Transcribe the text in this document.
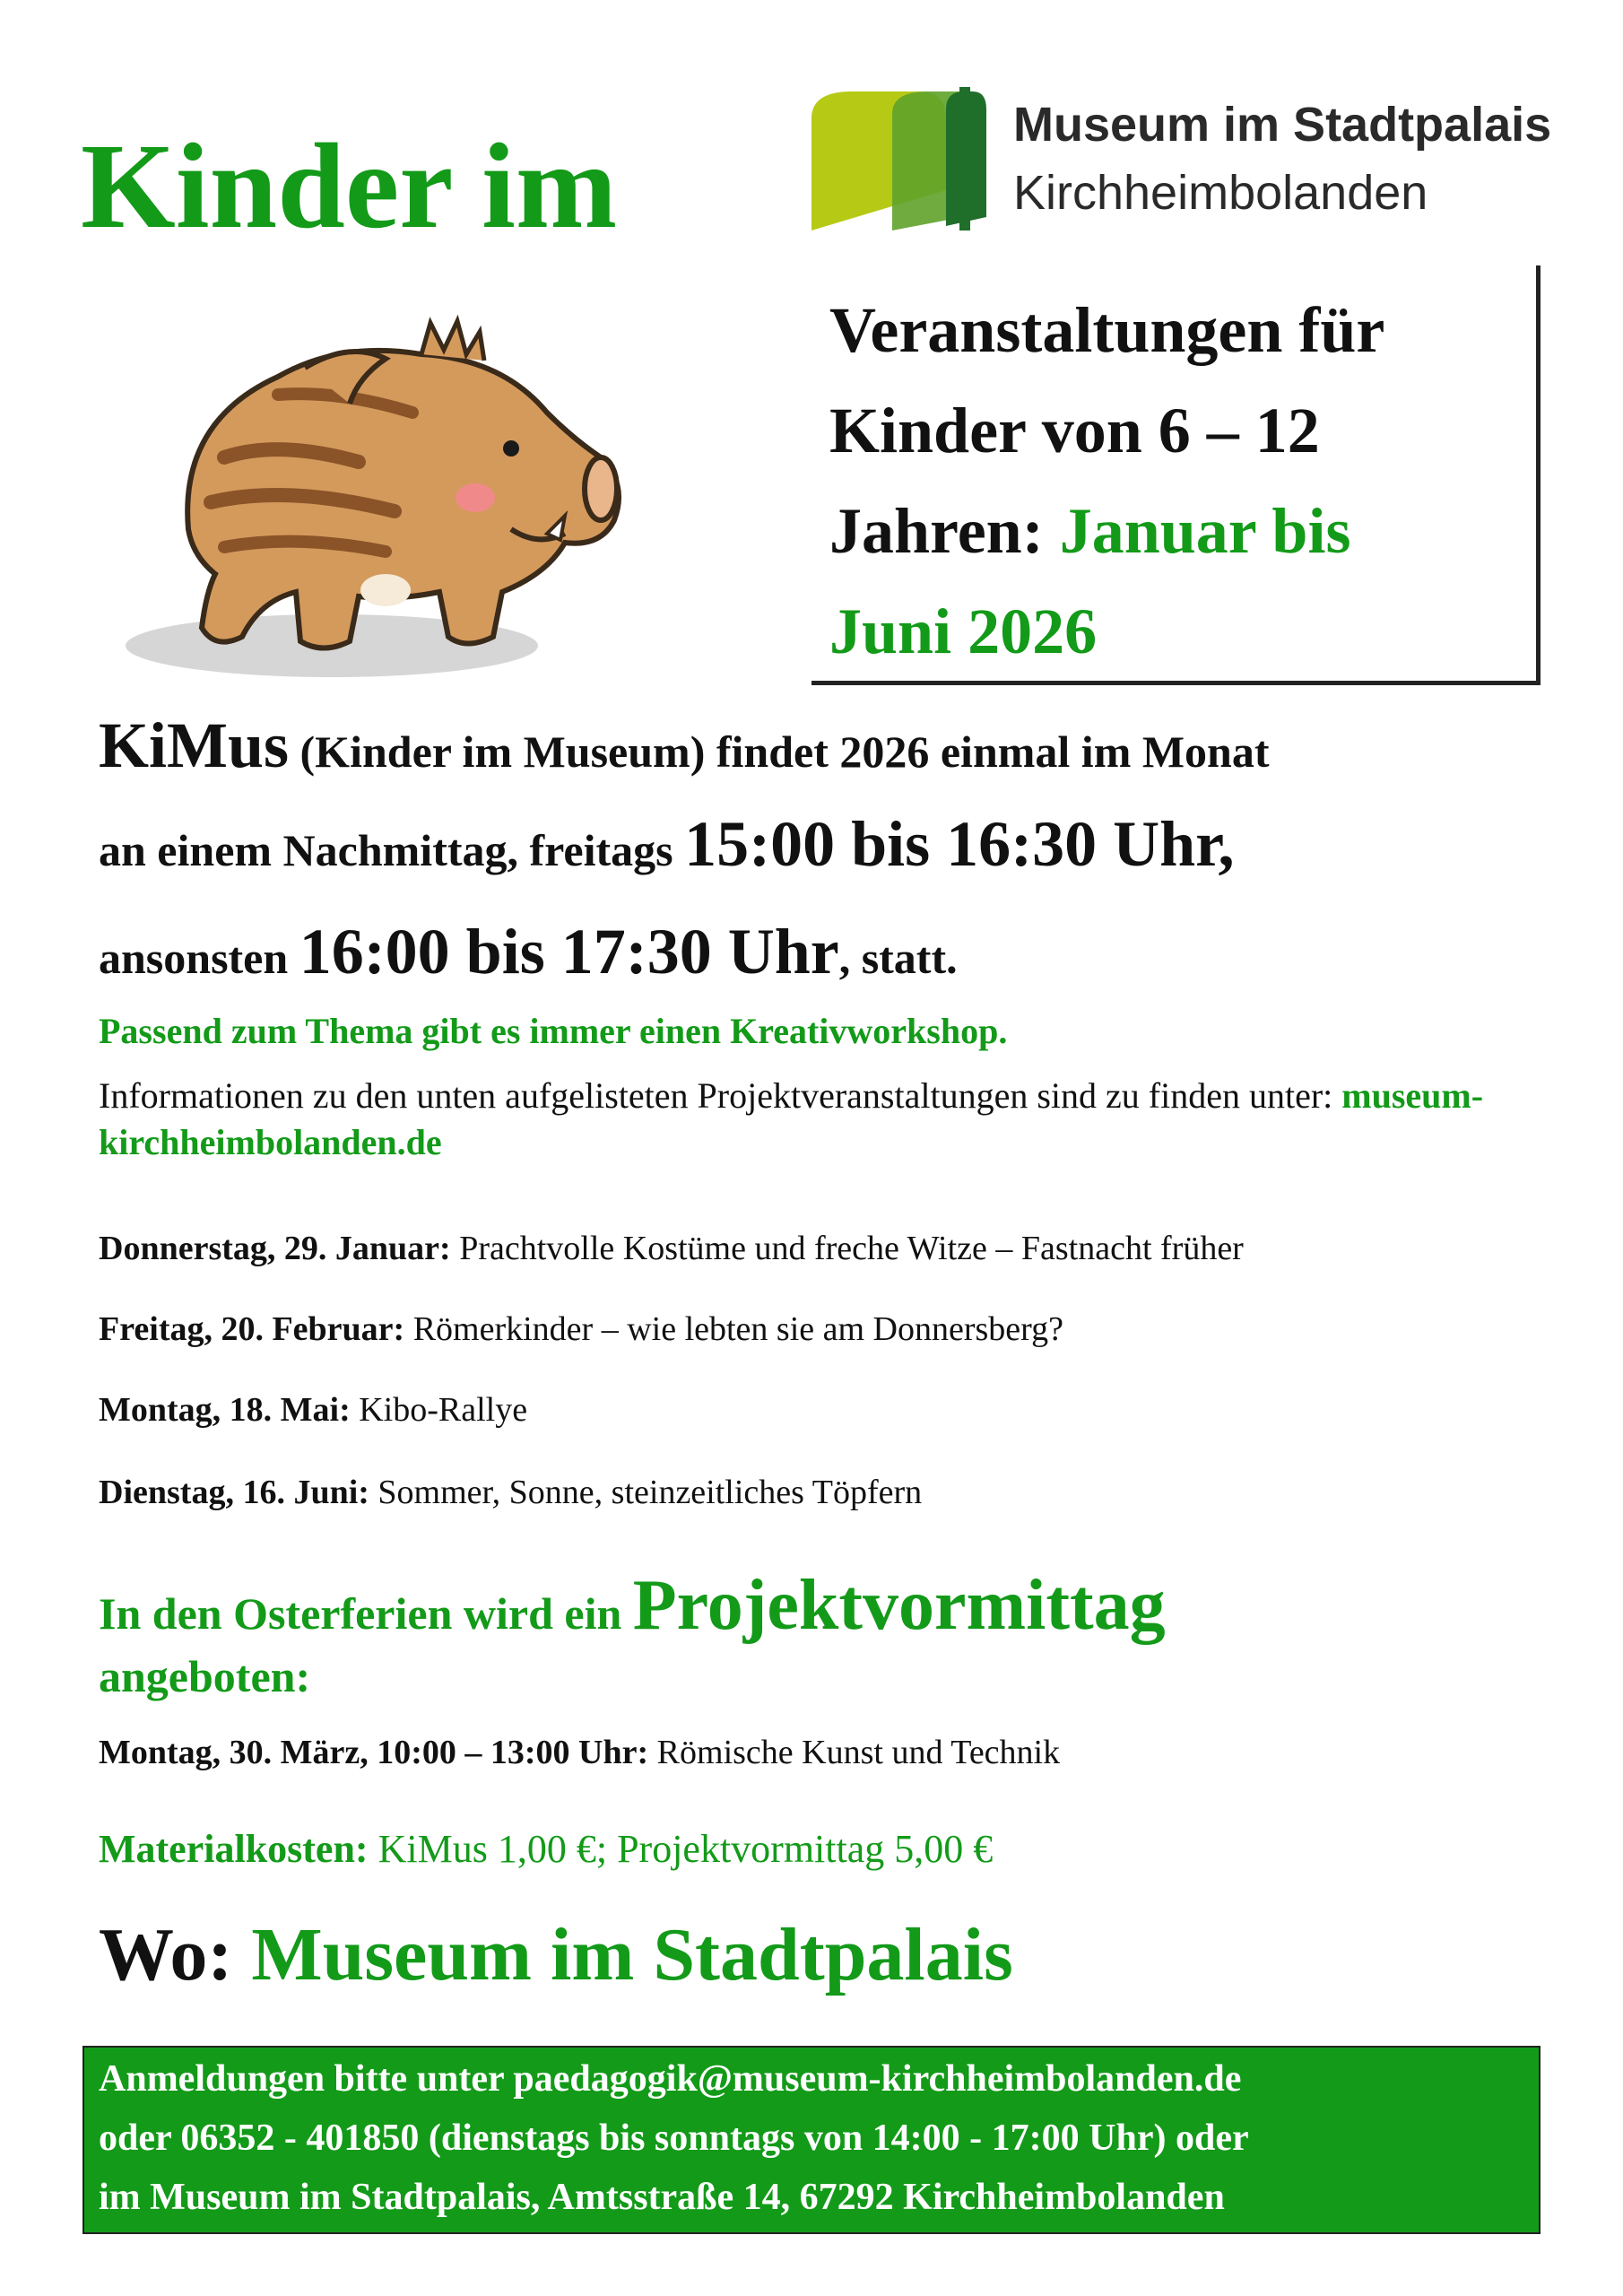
Kinder im	Museum im Stadtpalais
Kirchheimbolanden
Veranstaltungen für
Kinder von 6 – 12
Jahren: Januar bis
Juni 2026
KiMus (Kinder im Museum) findet 2026 einmal im Monat
an einem Nachmittag, freitags 15:00 bis 16:30 Uhr,
ansonsten 16:00 bis 17:30 Uhr, statt.
Passend zum Thema gibt es immer einen Kreativworkshop.
Informationen zu den unten aufgelisteten Projektveranstaltungen sind zu finden unter: museum-kirchheimbolanden.de
Donnerstag, 29. Januar: Prachtvolle Kostüme und freche Witze – Fastnacht früher
Freitag, 20. Februar: Römerkinder – wie lebten sie am Donnersberg?
Montag, 18. Mai: Kibo-Rallye
Dienstag, 16. Juni: Sommer, Sonne, steinzeitliches Töpfern
In den Osterferien wird ein Projektvormittag
angeboten:
Montag, 30. März, 10:00 – 13:00 Uhr: Römische Kunst und Technik
Materialkosten: KiMus 1,00 €; Projektvormittag 5,00 €
Wo: Museum im Stadtpalais
Anmeldungen bitte unter paedagogik@museum-kirchheimbolanden.de
oder 06352 - 401850 (dienstags bis sonntags von 14:00 - 17:00 Uhr) oder
im Museum im Stadtpalais, Amtsstraße 14, 67292 Kirchheimbolanden
